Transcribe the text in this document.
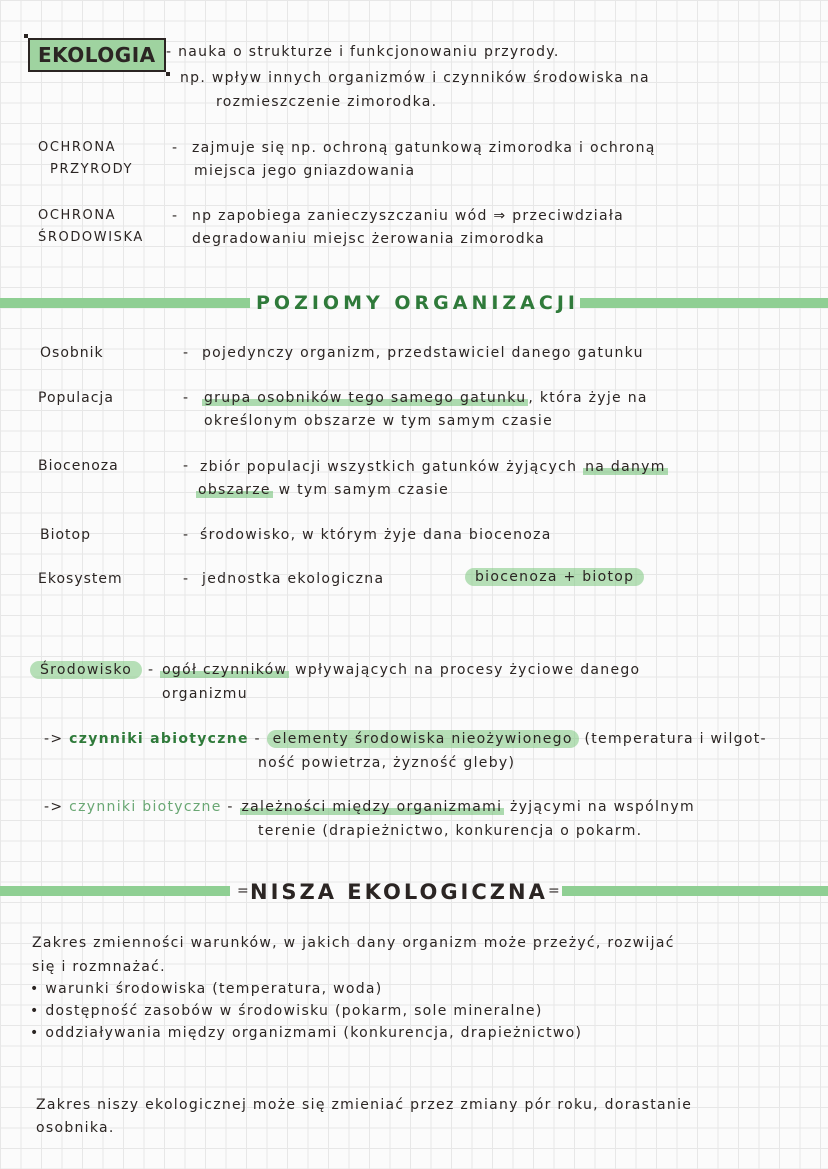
EKOLOGIA - nauka o strukturze i funkcjonowaniu przyrody.
np. wpływ innych organizmów i czynników środowiska na
rozmieszczenie zimorodka.
OCHRONA
PRZYRODY
- zajmuje się np. ochroną gatunkową zimorodka i ochroną
miejsca jego gniazdowania
OCHRONA
ŚRODOWISKA
- np zapobiega zanieczyszczaniu wód ⇒ przeciwdziała
degradowaniu miejsc żerowania zimorodka
POZIOMY ORGANIZACJI
Osobnik	- pojedynczy organizm, przedstawiciel danego gatunku
Populacja	- grupa osobników tego samego gatunku , która żyje na
określonym obszarze w tym samym czasie
Biocenoza	- zbiór populacji wszystkich gatunków żyjących na danym
obszarze w tym samym czasie
Biotop	- środowisko, w którym żyje dana biocenoza
Ekosystem	- jednostka ekologiczna	biocenoza + biotop
Środowisko - ogół czynników wpływających na procesy życiowe danego
organizmu
-> czynniki abiotyczne - elementy środowiska nieożywionego (temperatura i wilgot-
ność powietrza, żyzność gleby)
-> czynniki biotyczne - zależności między organizmami żyjącymi na wspólnym
terenie (drapieżnictwo, konkurencja o pokarm.
=	=
NISZA EKOLOGICZNA
Zakres zmienności warunków, w jakich dany organizm może przeżyć, rozwijać
się i rozmnażać.
• warunki środowiska (temperatura, woda)
• dostępność zasobów w środowisku (pokarm, sole mineralne)
• oddziaływania między organizmami (konkurencja, drapieżnictwo)
Zakres niszy ekologicznej może się zmieniać przez zmiany pór roku, dorastanie
osobnika.
